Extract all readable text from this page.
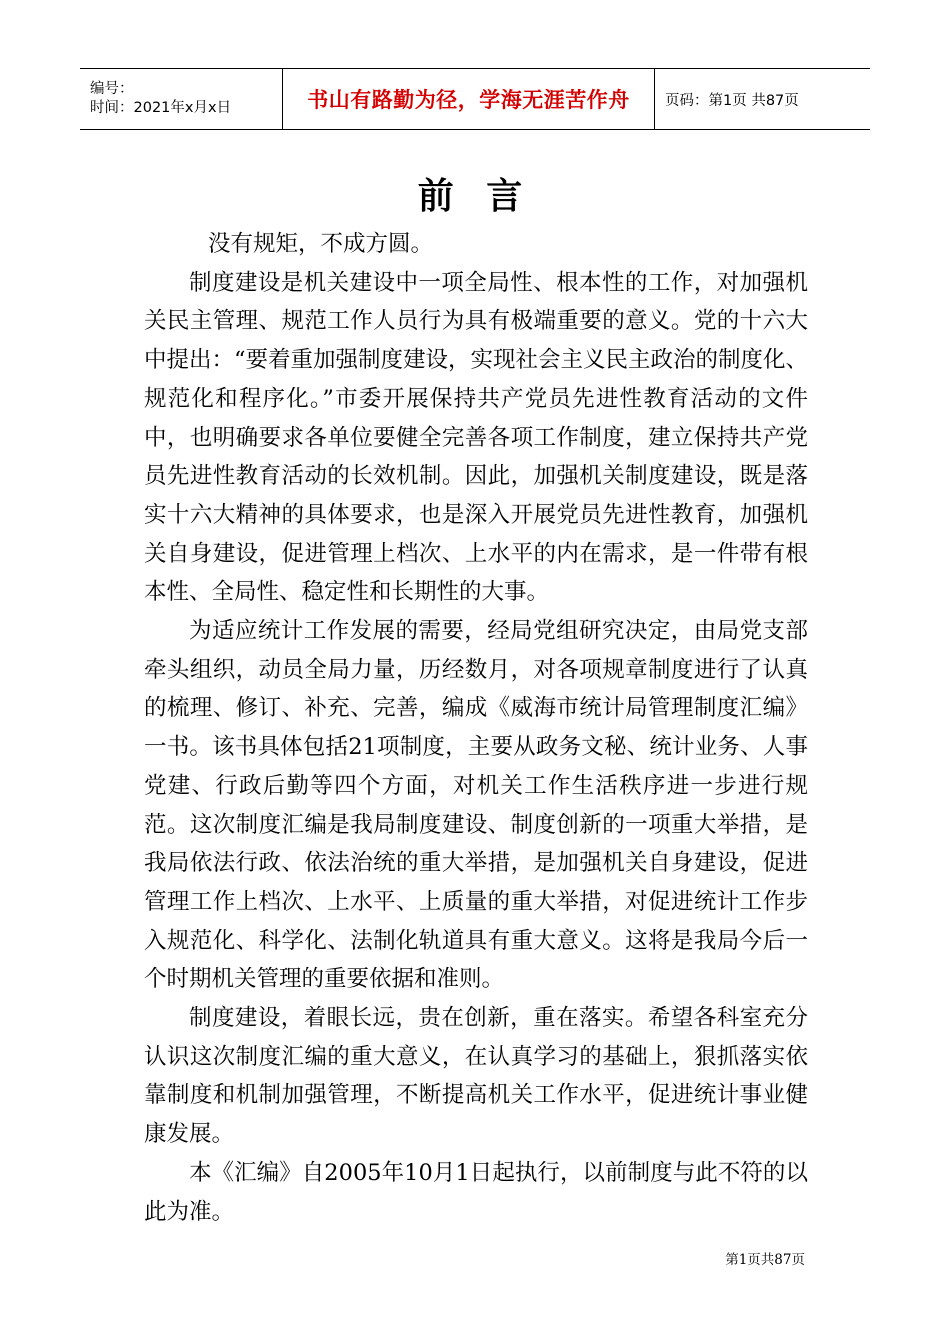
编号：
时间：2021年x月x日	书山有路勤为径，学海无涯苦作舟 页码：第1页 共87页
前 言

没有规矩，不成方圆。

制度建设是机关建设中一项全局性、根本性的工作，对加强机关民主管理、规范工作人员行为具有极端重要的意义。党的十六大中提出：“要着重加强制度建设，实现社会主义民主政治的制度化、规范化和程序化。”市委开展保持共产党员先进性教育活动的文件中，也明确要求各单位要健全完善各项工作制度，建立保持共产党员先进性教育活动的长效机制。因此，加强机关制度建设，既是落实十六大精神的具体要求，也是深入开展党员先进性教育，加强机关自身建设，促进管理上档次、上水平的内在需求，是一件带有根本性、全局性、稳定性和长期性的大事。

为适应统计工作发展的需要，经局党组研究决定，由局党支部牵头组织，动员全局力量，历经数月，对各项规章制度进行了认真的梳理、修订、补充、完善，编成《威海市统计局管理制度汇编》一书。该书具体包括21项制度，主要从政务文秘、统计业务、人事党建、行政后勤等四个方面，对机关工作生活秩序进一步进行规范。这次制度汇编是我局制度建设、制度创新的一项重大举措，是我局依法行政、依法治统的重大举措，是加强机关自身建设，促进管理工作上档次、上水平、上质量的重大举措，对促进统计工作步入规范化、科学化、法制化轨道具有重大意义。这将是我局今后一个时期机关管理的重要依据和准则。

制度建设，着眼长远，贵在创新，重在落实。希望各科室充分认识这次制度汇编的重大意义，在认真学习的基础上，狠抓落实依靠制度和机制加强管理，不断提高机关工作水平，促进统计事业健康发展。

本《汇编》自2005年10月1日起执行，以前制度与此不符的以此为准。

第1页共87页
